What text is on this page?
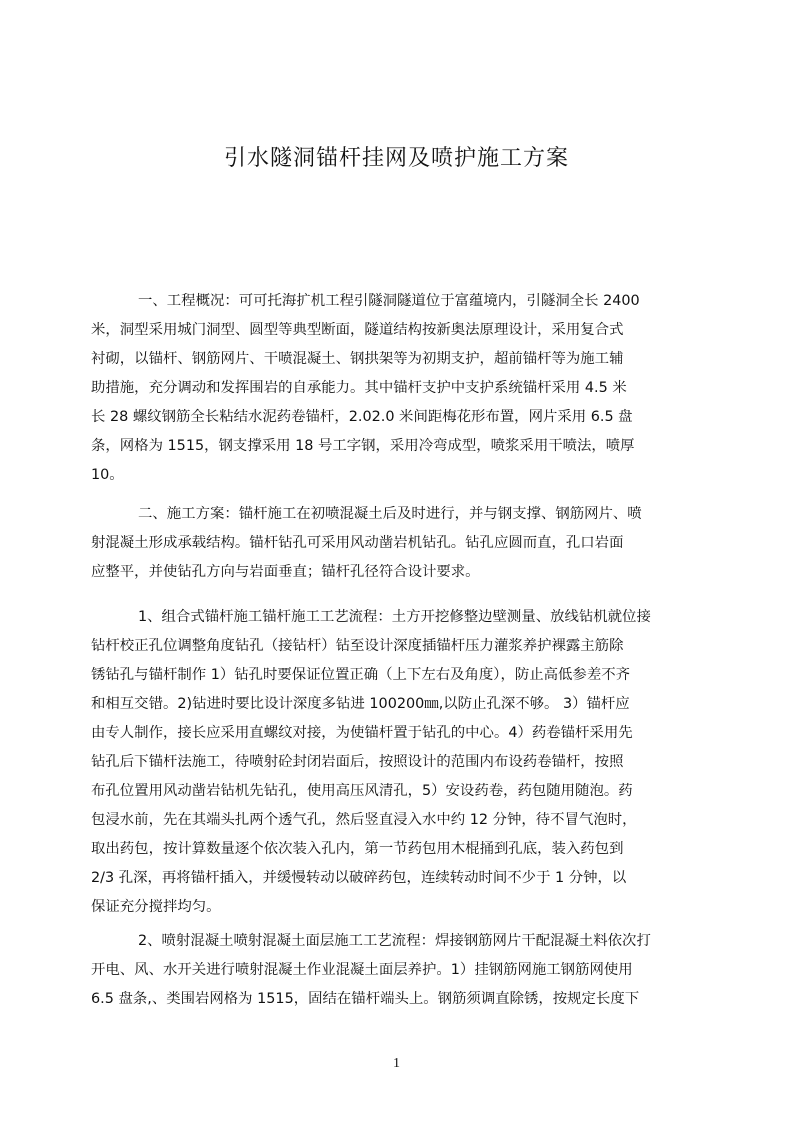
引水隧洞锚杆挂网及喷护施工方案
一、工程概况：可可托海扩机工程引隧洞隧道位于富蕴境内，引隧洞全长 2400
米，洞型采用城门洞型、圆型等典型断面，隧道结构按新奥法原理设计，采用复合式
衬砌，以锚杆、钢筋网片、干喷混凝土、钢拱架等为初期支护，超前锚杆等为施工辅
助措施，充分调动和发挥围岩的自承能力。其中锚杆支护中支护系统锚杆采用 4.5 米
长 28 螺纹钢筋全长粘结水泥药卷锚杆，2.02.0 米间距梅花形布置，网片采用 6.5 盘
条，网格为 1515，钢支撑采用 18 号工字钢，采用冷弯成型，喷浆采用干喷法，喷厚
10。
二、施工方案：锚杆施工在初喷混凝土后及时进行，并与钢支撑、钢筋网片、喷
射混凝土形成承载结构。锚杆钻孔可采用风动凿岩机钻孔。钻孔应圆而直，孔口岩面
应整平，并使钻孔方向与岩面垂直；锚杆孔径符合设计要求。
1、组合式锚杆施工锚杆施工工艺流程：土方开挖修整边壁测量、放线钻机就位接
钻杆校正孔位调整角度钻孔（接钻杆）钻至设计深度插锚杆压力灌浆养护裸露主筋除
锈钻孔与锚杆制作 1）钻孔时要保证位置正确（上下左右及角度），防止高低参差不齐
和相互交错。2)钻进时要比设计深度多钻进 100200㎜,以防止孔深不够。 3）锚杆应
由专人制作，接长应采用直螺纹对接，为使锚杆置于钻孔的中心。4）药卷锚杆采用先
钻孔后下锚杆法施工，待喷射砼封闭岩面后，按照设计的范围内布设药卷锚杆，按照
布孔位置用风动凿岩钻机先钻孔，使用高压风清孔，5）安设药卷，药包随用随泡。药
包浸水前，先在其端头扎两个透气孔，然后竖直浸入水中约 12 分钟，待不冒气泡时，
取出药包，按计算数量逐个依次装入孔内，第一节药包用木棍捅到孔底，装入药包到
2/3 孔深，再将锚杆插入，并缓慢转动以破碎药包，连续转动时间不少于 1 分钟，以
保证充分搅拌均匀。
2、喷射混凝土喷射混凝土面层施工工艺流程：焊接钢筋网片干配混凝土料依次打
开电、风、水开关进行喷射混凝土作业混凝土面层养护。1）挂钢筋网施工钢筋网使用
6.5 盘条,、类围岩网格为 1515，固结在锚杆端头上。钢筋须调直除锈，按规定长度下
1
